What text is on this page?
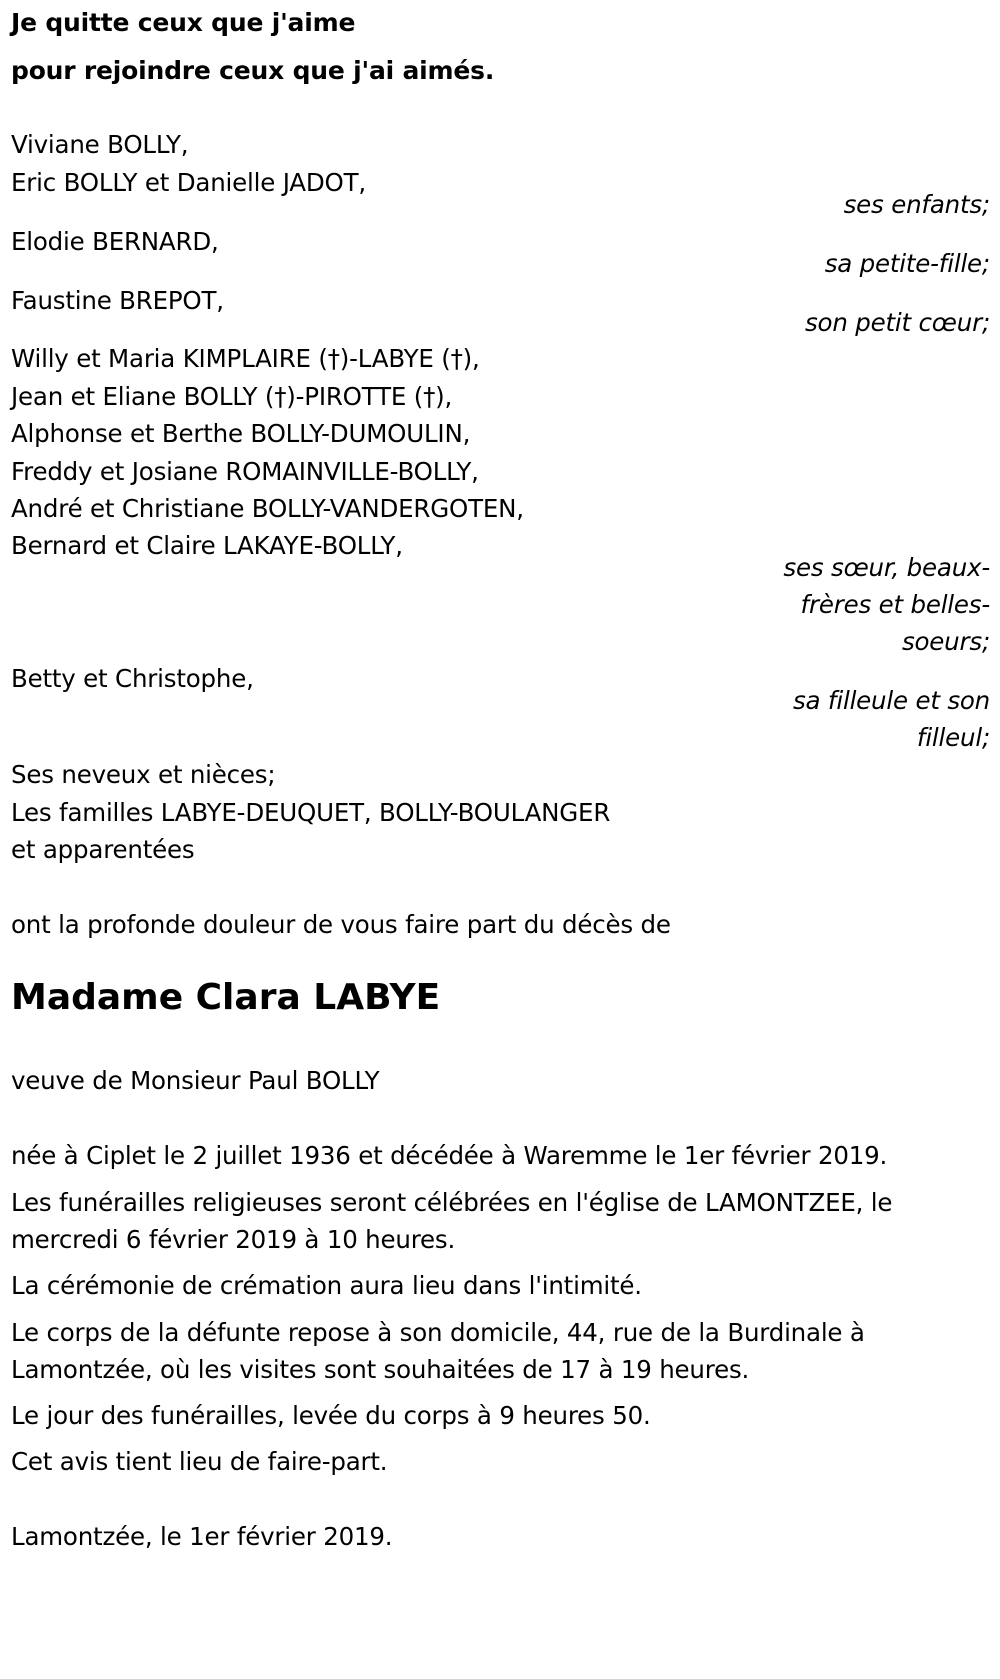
Je quitte ceux que j'aime
pour rejoindre ceux que j'ai aimés.
Viviane BOLLY,
Eric BOLLY et Danielle JADOT,
ses enfants;
Elodie BERNARD,
sa petite-fille;
Faustine BREPOT,
son petit cœur;
Willy et Maria KIMPLAIRE (†)-LABYE (†),
Jean et Eliane BOLLY (†)-PIROTTE (†),
Alphonse et Berthe BOLLY-DUMOULIN,
Freddy et Josiane ROMAINVILLE-BOLLY,
André et Christiane BOLLY-VANDERGOTEN,
Bernard et Claire LAKAYE-BOLLY,
ses sœur, beaux-
frères et belles-
soeurs;
Betty et Christophe,
sa filleule et son
filleul;
Ses neveux et nièces;
Les familles LABYE-DEUQUET, BOLLY-BOULANGER
et apparentées
ont la profonde douleur de vous faire part du décès de
Madame Clara LABYE
veuve de Monsieur Paul BOLLY
née à Ciplet le 2 juillet 1936 et décédée à Waremme le 1er février 2019.
Les funérailles religieuses seront célébrées en l'église de LAMONTZEE, le
mercredi 6 février 2019 à 10 heures.
La cérémonie de crémation aura lieu dans l'intimité.
Le corps de la défunte repose à son domicile, 44, rue de la Burdinale à
Lamontzée, où les visites sont souhaitées de 17 à 19 heures.
Le jour des funérailles, levée du corps à 9 heures 50.
Cet avis tient lieu de faire-part.
Lamontzée, le 1er février 2019.
